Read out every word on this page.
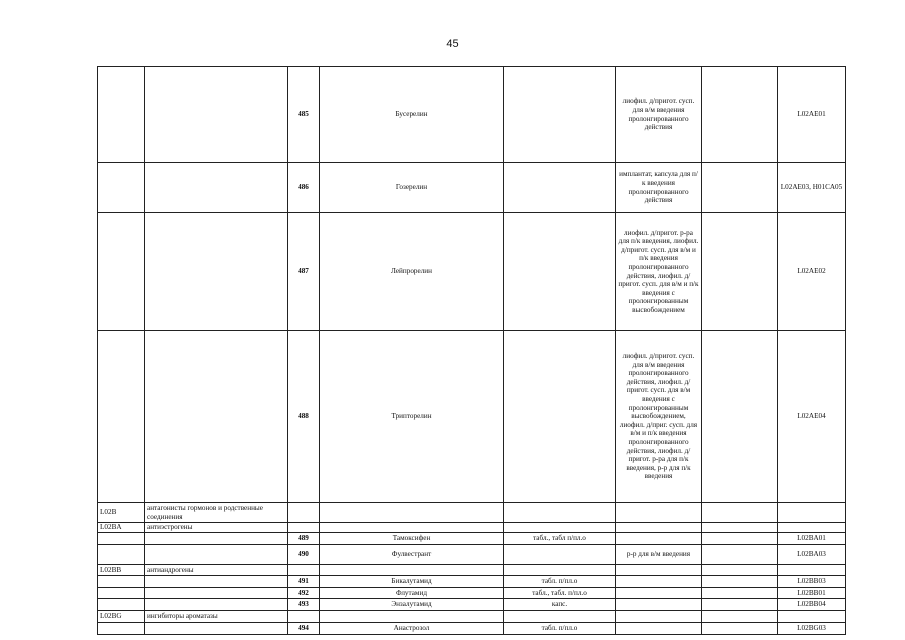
45
		485	Бусерелин		лиофил. д/пригот. сусп. для в/м введения пролонгированного действия		L02AE01
		486	Гозерелин		имплантат, капсула для п/к введения пролонгированного действия		L02AE03, H01CA05
		487	Лейпрорелин		лиофил. д/пригот. р-ра для п/к введения, лиофил. д/пригот. сусп. для в/м и п/к введения пролонгированного действия, лиофил. д/пригот. сусп. для в/м и п/к введения с пролонгированным высвобождением		L02AE02
		488	Трипторелин		лиофил. д/пригот. сусп. для в/м введения пролонгированного действия, лиофил. д/пригот. сусп. для в/м введения с пролонгированным высвобождением, лиофил. д/приг. сусп. для в/м и п/к введения пролонгированного действия, лиофил. д/пригот. р-ра для п/к введения, р-р для п/к введения		L02AE04
L02B	антагонисты гормонов и родственные соединения						
L02BA	антиэстрогены						
		489	Тамоксифен	табл., табл п/пл.о			L02BA01
		490	Фулвестрант		р-р для в/м введения		L02BA03
L02BB	антиандрогены						
		491	Бикалутамид	табл. п/пл.о			L02BB03
		492	Флутамид	табл., табл. п/пл.о			L02BB01
		493	Энзалутамид	капс.			L02BB04
L02BG	ингибиторы ароматазы						
		494	Анастрозол	табл. п/пл.о			L02BG03
